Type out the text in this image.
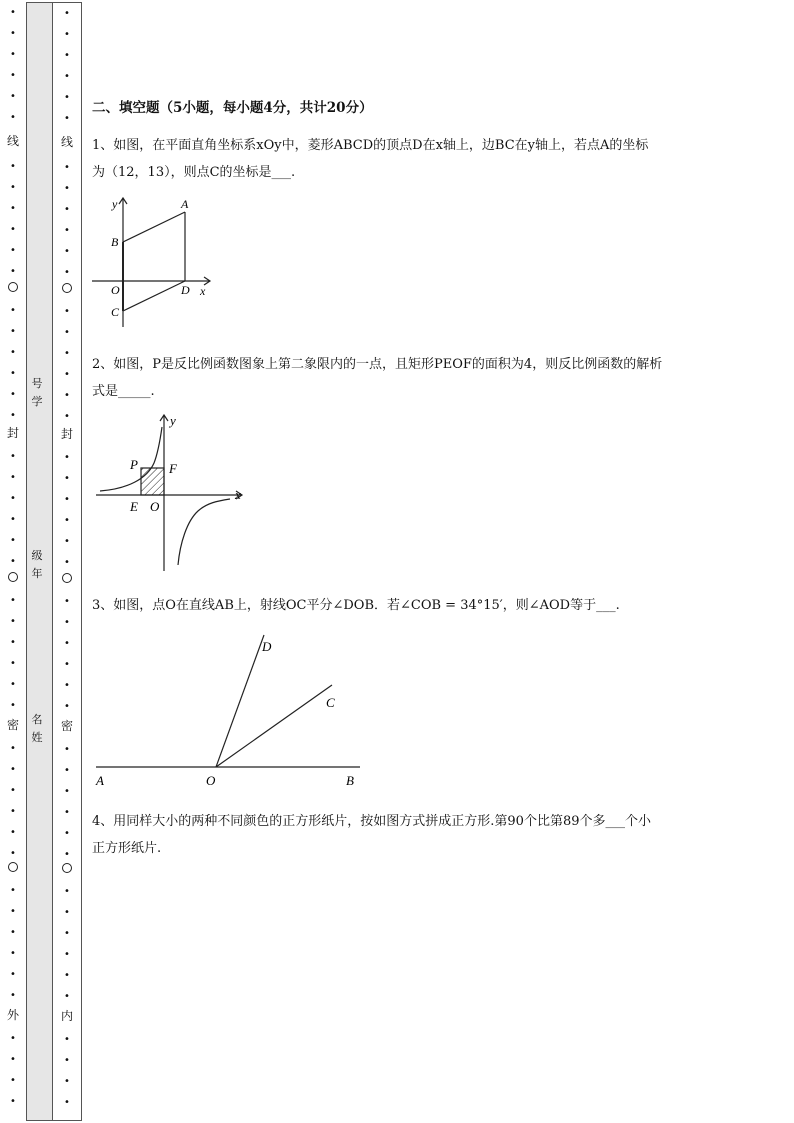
•
•
•
•
•
•
线
•
•
•
•
•
•
•
•
•
•
•
•
封
•
•
•
•
•
•
•
•
•
•
•
•
密
•
•
•
•
•
•
•
•
•
•
•
•
外
•
•
•
•
号学
级年
名姓
•
•
•
•
•
•
线
•
•
•
•
•
•
•
•
•
•
•
•
封
•
•
•
•
•
•
•
•
•
•
•
•
密
•
•
•
•
•
•
•
•
•
•
•
•
内
•
•
•
•

二、填空题（5小题，每小题4分，共计20分）

1、如图，在平面直角坐标系xOy中，菱形ABCD的顶点D在x轴上，边BC在y轴上，若点A的坐标

为（12，13），则点C的坐标是___.

y	A
B
O	D x
C

2、如图，P是反比例函数图象上第二象限内的一点，且矩形PEOF的面积为4，则反比例函数的解析

式是_____.

y
P F
x
E O

3、如图，点O在直线AB上，射线OC平分∠DOB．若∠COB = 34°15′，则∠AOD等于___.

D
C
A	O	B

4、用同样大小的两种不同颜色的正方形纸片，按如图方式拼成正方形.第90个比第89个多___个小

正方形纸片.
